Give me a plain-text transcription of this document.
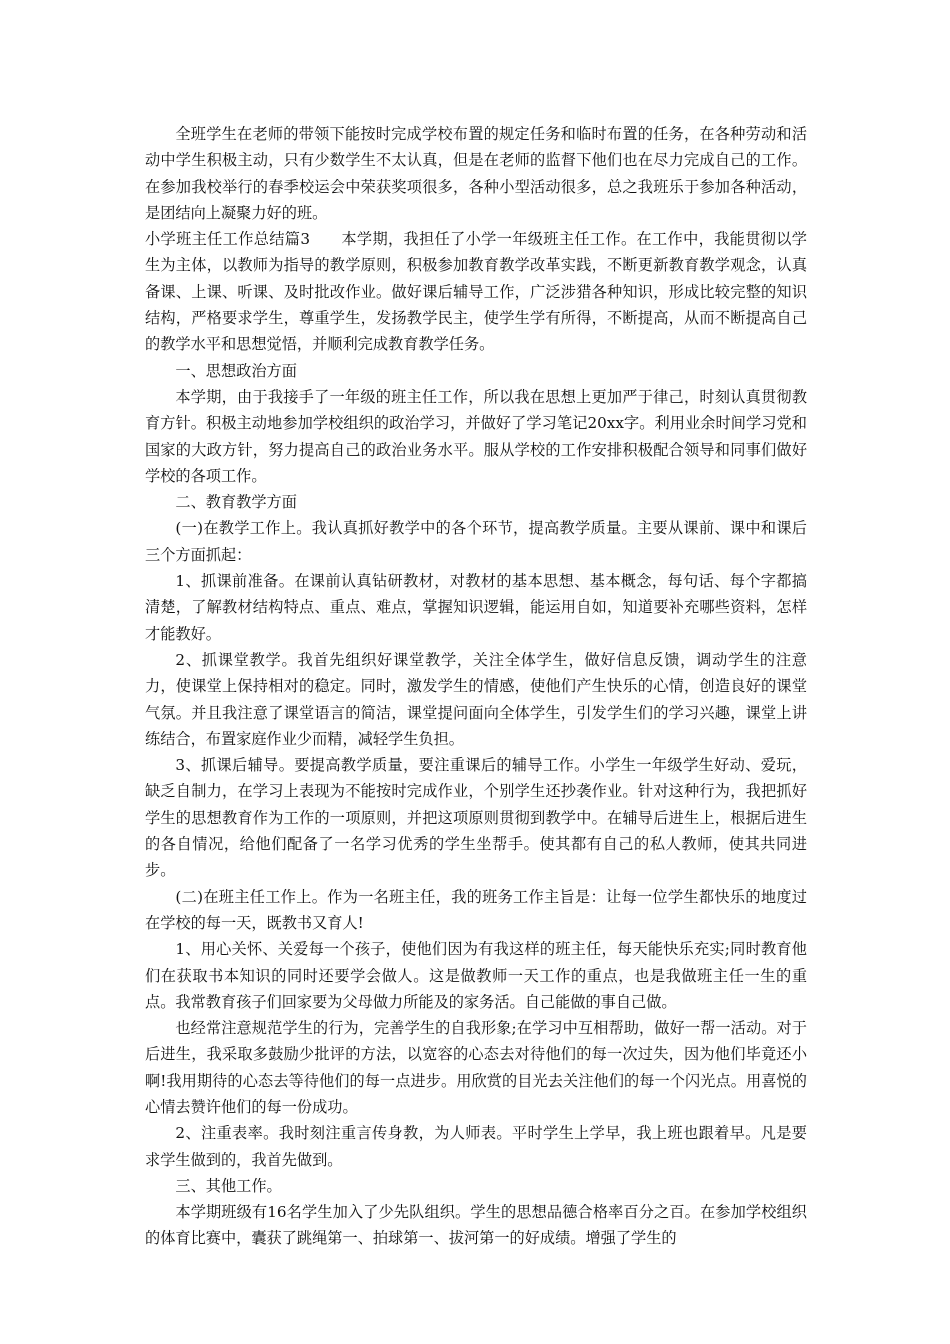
全班学生在老师的带领下能按时完成学校布置的规定任务和临时布置的任务，在各种劳动和活动中学生积极主动，只有少数学生不太认真，但是在老师的监督下他们也在尽力完成自己的工作。在参加我校举行的春季校运会中荣获奖项很多，各种小型活动很多，总之我班乐于参加各种活动，是团结向上凝聚力好的班。

小学班主任工作总结篇3　　本学期，我担任了小学一年级班主任工作。在工作中，我能贯彻以学生为主体，以教师为指导的教学原则，积极参加教育教学改革实践，不断更新教育教学观念，认真备课、上课、听课、及时批改作业。做好课后辅导工作，广泛涉猎各种知识，形成比较完整的知识结构，严格要求学生，尊重学生，发扬教学民主，使学生学有所得，不断提高，从而不断提高自己的教学水平和思想觉悟，并顺利完成教育教学任务。

一、思想政治方面

本学期，由于我接手了一年级的班主任工作，所以我在思想上更加严于律己，时刻认真贯彻教育方针。积极主动地参加学校组织的政治学习，并做好了学习笔记20xx字。利用业余时间学习党和国家的大政方针，努力提高自己的政治业务水平。服从学校的工作安排积极配合领导和同事们做好学校的各项工作。

二、教育教学方面

(一)在教学工作上。我认真抓好教学中的各个环节，提高教学质量。主要从课前、课中和课后三个方面抓起：

1、抓课前准备。在课前认真钻研教材，对教材的基本思想、基本概念，每句话、每个字都搞清楚，了解教材结构特点、重点、难点，掌握知识逻辑，能运用自如，知道要补充哪些资料，怎样才能教好。

2、抓课堂教学。我首先组织好课堂教学，关注全体学生，做好信息反馈，调动学生的注意力，使课堂上保持相对的稳定。同时，激发学生的情感，使他们产生快乐的心情，创造良好的课堂气氛。并且我注意了课堂语言的简洁，课堂提问面向全体学生，引发学生们的学习兴趣，课堂上讲练结合，布置家庭作业少而精，减轻学生负担。

3、抓课后辅导。要提高教学质量，要注重课后的辅导工作。小学生一年级学生好动、爱玩，缺乏自制力，在学习上表现为不能按时完成作业，个别学生还抄袭作业。针对这种行为，我把抓好学生的思想教育作为工作的一项原则，并把这项原则贯彻到教学中。在辅导后进生上，根据后进生的各自情况，给他们配备了一名学习优秀的学生坐帮手。使其都有自己的私人教师，使其共同进步。

(二)在班主任工作上。作为一名班主任，我的班务工作主旨是：让每一位学生都快乐的地度过在学校的每一天，既教书又育人!

1、用心关怀、关爱每一个孩子，使他们因为有我这样的班主任，每天能快乐充实;同时教育他们在获取书本知识的同时还要学会做人。这是做教师一天工作的重点，也是我做班主任一生的重点。我常教育孩子们回家要为父母做力所能及的家务活。自己能做的事自己做。

也经常注意规范学生的行为，完善学生的自我形象;在学习中互相帮助，做好一帮一活动。对于后进生，我采取多鼓励少批评的方法，以宽容的心态去对待他们的每一次过失，因为他们毕竟还小啊!我用期待的心态去等待他们的每一点进步。用欣赏的目光去关注他们的每一个闪光点。用喜悦的心情去赞许他们的每一份成功。

2、注重表率。我时刻注重言传身教，为人师表。平时学生上学早，我上班也跟着早。凡是要求学生做到的，我首先做到。

三、其他工作。

本学期班级有16名学生加入了少先队组织。学生的思想品德合格率百分之百。在参加学校组织的体育比赛中，囊获了跳绳第一、拍球第一、拔河第一的好成绩。增强了学生的
